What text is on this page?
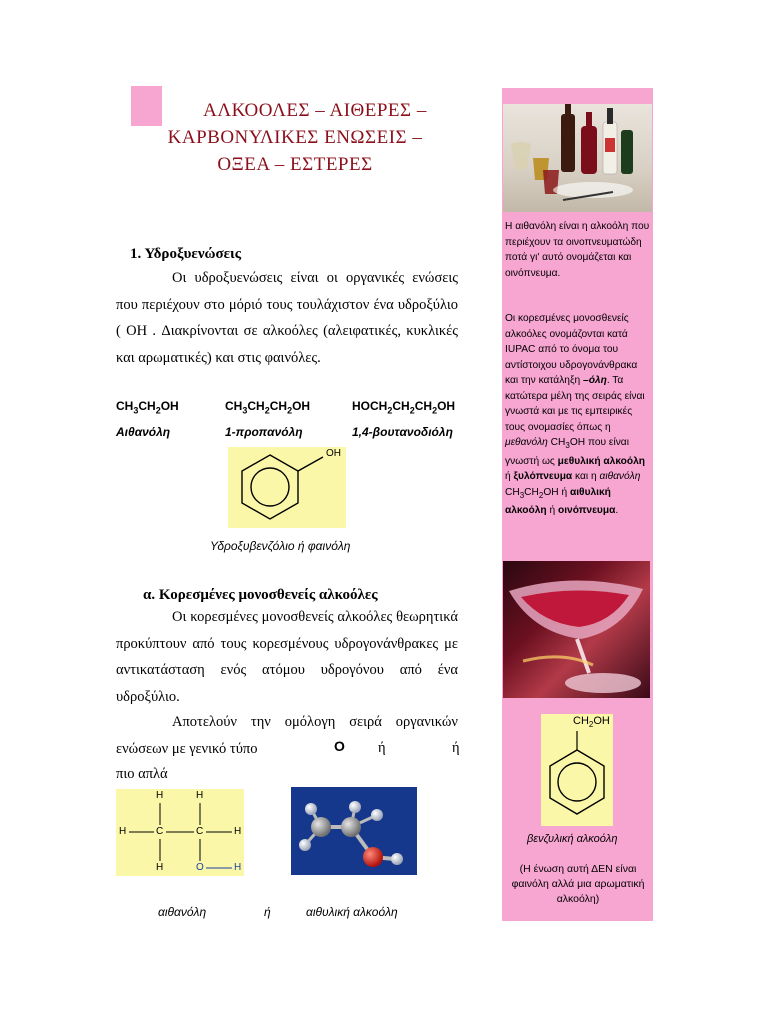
ΑΛΚΟΟΛΕΣ – ΑΙΘΕΡΕΣ –
ΚΑΡΒΟΝΥΛΙΚΕΣ ΕΝΩΣΕΙΣ –
ΟΞΕΑ – ΕΣΤΕΡΕΣ
1. Υδροξυενώσεις
Οι υδροξυενώσεις είναι οι οργανικές ενώσεις που περιέχουν στο μόριό τους τουλάχιστον ένα υδροξύλιο ( OH . Διακρίνονται σε αλκοόλες (αλειφατικές, κυκλικές και αρωματικές) και στις φαινόλες.
$CH_3CH_2OH$	$CH_3CH_2CH_2OH$	$HOCH_2CH_2CH_2OH$
Αιθανόλη	1-προπανόλη	1,4-βουτανοδιόλη
OH
Υδροξυβενζόλιο ή φαινόλη
α. Κορεσμένες μονοσθενείς αλκοόλες
Οι κορεσμένες μονοσθενείς αλκοόλες θεωρητικά προκύπτουν από τους κορεσμένους υδρογονάνθρακες με αντικατάσταση ενός ατόμου υδρογόνου από ένα υδροξύλιο.

Αποτελούν την ομόλογη σειρά οργανικών ενώσεων με γενικό τύπο	O ή	ή
πιο απλά
H	H
H	C	C	H
H	O	H
αιθανόλη	ή	αιθυλική αλκοόλη

Η αιθανόλη είναι η αλκοόλη που περιέχουν τα οινοπνευματώδη ποτά γι' αυτό ονομάζεται και οινόπνευμα.

Οι κορεσμένες μονοσθενείς αλκοόλες ονομάζονται κατά IUPAC από το όνομα του αντίστοιχου υδρογονάνθρακα και την κατάληξη –όλη. Τα κατώτερα μέλη της σειράς είναι γνωστά και με τις εμπειρικές τους ονομασίες όπως η μεθανόλη $CH_3OH$ που είναι γνωστή ως μεθυλική αλκοόλη ή ξυλόπνευμα και η αιθανόλη $CH_3CH_2OH$ ή αιθυλική αλκοόλη ή οινόπνευμα.

$CH_2OH$
βενζυλική αλκοόλη
(Η ένωση αυτή ΔΕΝ είναι φαινόλη αλλά μια αρωματική αλκοόλη)
